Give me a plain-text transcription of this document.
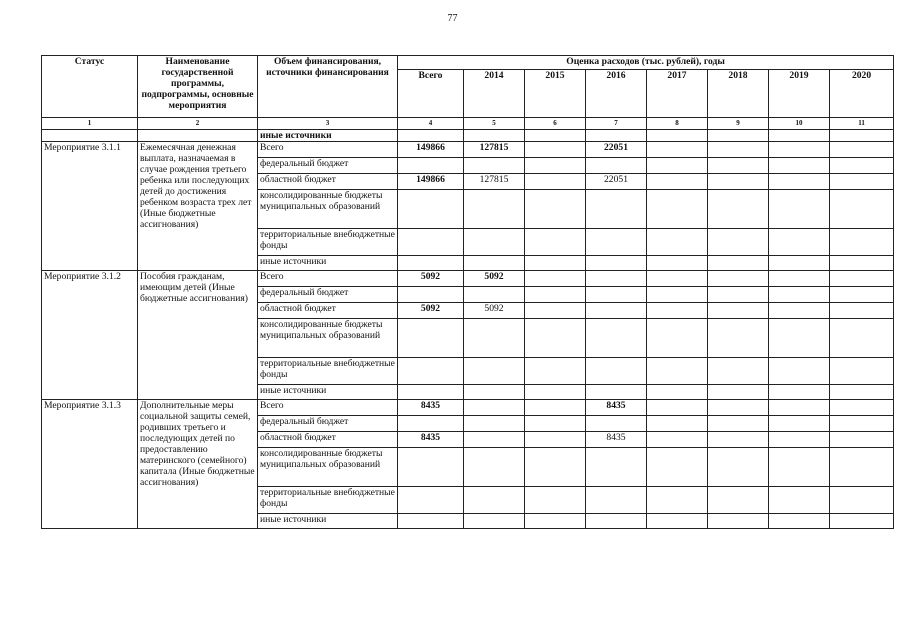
77
Статус	Наименование государственной программы, подпрограммы, основные мероприятия	Объем финансирования, источники финансирования	Оценка расходов (тыс. рублей), годы							
			Всего	2014	2015	2016	2017	2018	2019	2020
1	2	3	4	5	6	7	8	9	10	11
		иные источники								
Мероприятие 3.1.1	Ежемесячная денежная выплата, назначаемая в случае рождения третьего ребенка или последующих детей до достижения ребенком возраста трех лет (Иные бюджетные ассигнования)	Всего	149866	127815		22051				
		федеральный бюджет								
		областной бюджет	149866	127815		22051				
		консолидированные бюджеты муниципальных образований								
		территориальные внебюджетные фонды								
		иные источники								
Мероприятие 3.1.2	Пособия гражданам, имеющим детей (Иные бюджетные ассигнования)	Всего	5092	5092						
		федеральный бюджет								
		областной бюджет	5092	5092						
		консолидированные бюджеты муниципальных образований								
		территориальные внебюджетные фонды								
		иные источники								
Мероприятие 3.1.3	Дополнительные меры социальной защиты семей, родивших третьего и последующих детей по предоставлению материнского (семейного) капитала (Иные бюджетные ассигнования)	Всего	8435			8435				
		федеральный бюджет								
		областной бюджет	8435			8435				
		консолидированные бюджеты муниципальных образований								
		территориальные внебюджетные фонды								
		иные источники								
